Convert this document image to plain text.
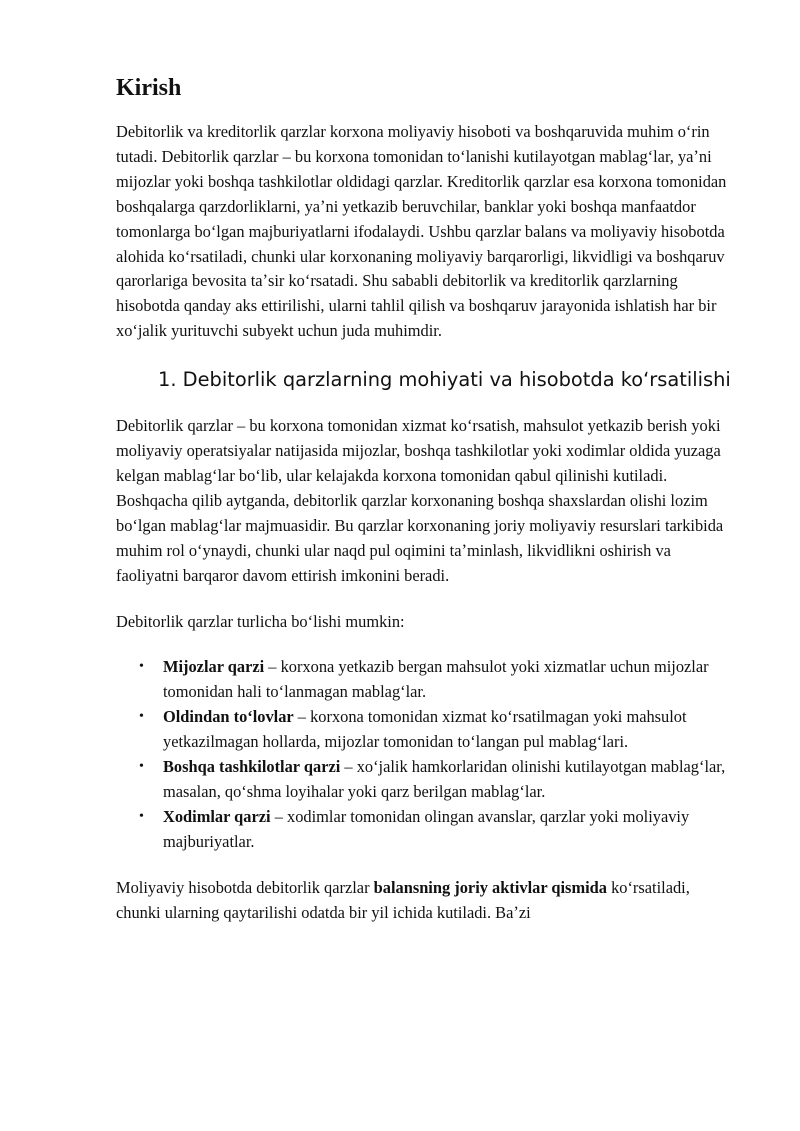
Kirish

Debitorlik va kreditorlik qarzlar korxona moliyaviy hisoboti va boshqaruvida muhim oʻrin tutadi. Debitorlik qarzlar – bu korxona tomonidan toʻlanishi kutilayotgan mablagʻlar, yaʼni mijozlar yoki boshqa tashkilotlar oldidagi qarzlar. Kreditorlik qarzlar esa korxona tomonidan boshqalarga qarzdorliklarni, yaʼni yetkazib beruvchilar, banklar yoki boshqa manfaatdor tomonlarga boʻlgan majburiyatlarni ifodalaydi. Ushbu qarzlar balans va moliyaviy hisobotda alohida koʻrsatiladi, chunki ular korxonaning moliyaviy barqarorligi, likvidligi va boshqaruv qarorlariga bevosita taʼsir koʻrsatadi. Shu sababli debitorlik va kreditorlik qarzlarning hisobotda qanday aks ettirilishi, ularni tahlil qilish va boshqaruv jarayonida ishlatish har bir xoʻjalik yurituvchi subyekt uchun juda muhimdir.

1. Debitorlik qarzlarning mohiyati va hisobotda koʻrsatilishi

Debitorlik qarzlar – bu korxona tomonidan xizmat koʻrsatish, mahsulot yetkazib berish yoki moliyaviy operatsiyalar natijasida mijozlar, boshqa tashkilotlar yoki xodimlar oldida yuzaga kelgan mablagʻlar boʻlib, ular kelajakda korxona tomonidan qabul qilinishi kutiladi. Boshqacha qilib aytganda, debitorlik qarzlar korxonaning boshqa shaxslardan olishi lozim boʻlgan mablagʻlar majmuasidir. Bu qarzlar korxonaning joriy moliyaviy resurslari tarkibida muhim rol oʻynaydi, chunki ular naqd pul oqimini taʼminlash, likvidlikni oshirish va faoliyatni barqaror davom ettirish imkonini beradi.

Debitorlik qarzlar turlicha boʻlishi mumkin:

• Mijozlar qarzi – korxona yetkazib bergan mahsulot yoki xizmatlar uchun mijozlar tomonidan hali toʻlanmagan mablagʻlar.
• Oldindan toʻlovlar – korxona tomonidan xizmat koʻrsatilmagan yoki mahsulot yetkazilmagan hollarda, mijozlar tomonidan toʻlangan pul mablagʻlari.
• Boshqa tashkilotlar qarzi – xoʻjalik hamkorlaridan olinishi kutilayotgan mablagʻlar, masalan, qoʻshma loyihalar yoki qarz berilgan mablagʻlar.
• Xodimlar qarzi – xodimlar tomonidan olingan avanslar, qarzlar yoki moliyaviy majburiyatlar.

Moliyaviy hisobotda debitorlik qarzlar balansning joriy aktivlar qismida koʻrsatiladi, chunki ularning qaytarilishi odatda bir yil ichida kutiladi. Baʼzi
